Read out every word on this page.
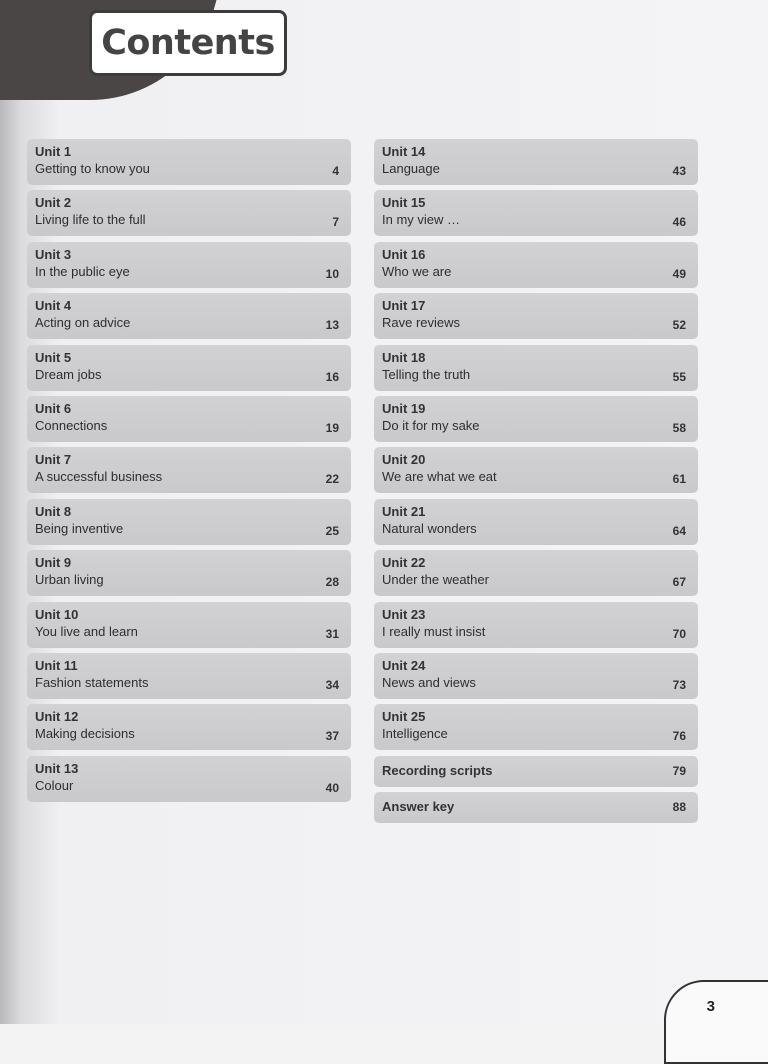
Contents
Unit 1
Getting to know you	4
Unit 2
Living life to the full	7
Unit 3
In the public eye	10
Unit 4
Acting on advice	13
Unit 5
Dream jobs	16
Unit 6
Connections	19
Unit 7
A successful business	22
Unit 8
Being inventive	25
Unit 9
Urban living	28
Unit 10
You live and learn	31
Unit 11
Fashion statements	34
Unit 12
Making decisions	37
Unit 13
Colour	40
Unit 14
Language	43
Unit 15
In my view …	46
Unit 16
Who we are	49
Unit 17
Rave reviews	52
Unit 18
Telling the truth	55
Unit 19
Do it for my sake	58
Unit 20
We are what we eat	61
Unit 21
Natural wonders	64
Unit 22
Under the weather	67
Unit 23
I really must insist	70
Unit 24
News and views	73
Unit 25
Intelligence	76
Recording scripts	79
Answer key	88
3
